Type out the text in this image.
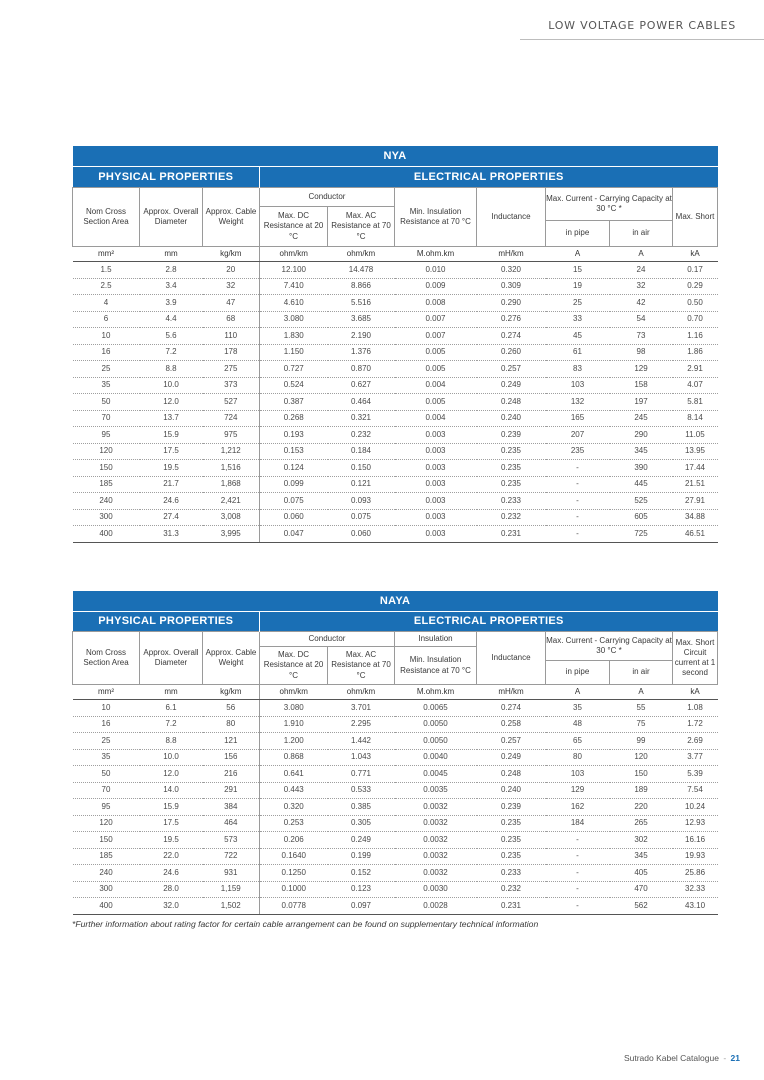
LOW VOLTAGE POWER CABLES
NYA									
PHYSICAL PROPERTIES			ELECTRICAL PROPERTIES						
Nom Cross Section Area	Approx. Overall Diameter	Approx. Cable Weight	Conductor		Min. Insulation Resistance at 70 °C	Inductance	Max. Current - Carrying Capacity at 30 °C *		Max. Short
			Max. DC Resistance at 20 °C	Max. AC Resistance at 70 °C					
							in pipe	in air	
mm²	mm	kg/km	ohm/km	ohm/km	M.ohm.km	mH/km	A	A	kA
1.5	2.8	20	12.100	14.478	0.010	0.320	15	24	0.17
2.5	3.4	32	7.410	8.866	0.009	0.309	19	32	0.29
4	3.9	47	4.610	5.516	0.008	0.290	25	42	0.50
6	4.4	68	3.080	3.685	0.007	0.276	33	54	0.70
10	5.6	110	1.830	2.190	0.007	0.274	45	73	1.16
16	7.2	178	1.150	1.376	0.005	0.260	61	98	1.86
25	8.8	275	0.727	0.870	0.005	0.257	83	129	2.91
35	10.0	373	0.524	0.627	0.004	0.249	103	158	4.07
50	12.0	527	0.387	0.464	0.005	0.248	132	197	5.81
70	13.7	724	0.268	0.321	0.004	0.240	165	245	8.14
95	15.9	975	0.193	0.232	0.003	0.239	207	290	11.05
120	17.5	1,212	0.153	0.184	0.003	0.235	235	345	13.95
150	19.5	1,516	0.124	0.150	0.003	0.235	-	390	17.44
185	21.7	1,868	0.099	0.121	0.003	0.235	-	445	21.51
240	24.6	2,421	0.075	0.093	0.003	0.233	-	525	27.91
300	27.4	3,008	0.060	0.075	0.003	0.232	-	605	34.88
400	31.3	3,995	0.047	0.060	0.003	0.231	-	725	46.51
NAYA									
PHYSICAL PROPERTIES			ELECTRICAL PROPERTIES						
Nom Cross Section Area	Approx. Overall Diameter	Approx. Cable Weight	Conductor		Insulation	Inductance	Max. Current - Carrying Capacity at 30 °C *		Max. Short Circuit current at 1 second
			Max. DC Resistance at 20 °C	Max. AC Resistance at 70 °C	Min. Insulation Resistance at 70 °C				
							in pipe	in air	
mm²	mm	kg/km	ohm/km	ohm/km	M.ohm.km	mH/km	A	A	kA
10	6.1	56	3.080	3.701	0.0065	0.274	35	55	1.08
16	7.2	80	1.910	2.295	0.0050	0.258	48	75	1.72
25	8.8	121	1.200	1.442	0.0050	0.257	65	99	2.69
35	10.0	156	0.868	1.043	0.0040	0.249	80	120	3.77
50	12.0	216	0.641	0.771	0.0045	0.248	103	150	5.39
70	14.0	291	0.443	0.533	0.0035	0.240	129	189	7.54
95	15.9	384	0.320	0.385	0.0032	0.239	162	220	10.24
120	17.5	464	0.253	0.305	0.0032	0.235	184	265	12.93
150	19.5	573	0.206	0.249	0.0032	0.235	-	302	16.16
185	22.0	722	0.1640	0.199	0.0032	0.235	-	345	19.93
240	24.6	931	0.1250	0.152	0.0032	0.233	-	405	25.86
300	28.0	1,159	0.1000	0.123	0.0030	0.232	-	470	32.33
400	32.0	1,502	0.0778	0.097	0.0028	0.231	-	562	43.10
*Further information about rating factor for certain cable arrangement can be found on supplementary technical information
Sutrado Kabel Catalogue - 21
